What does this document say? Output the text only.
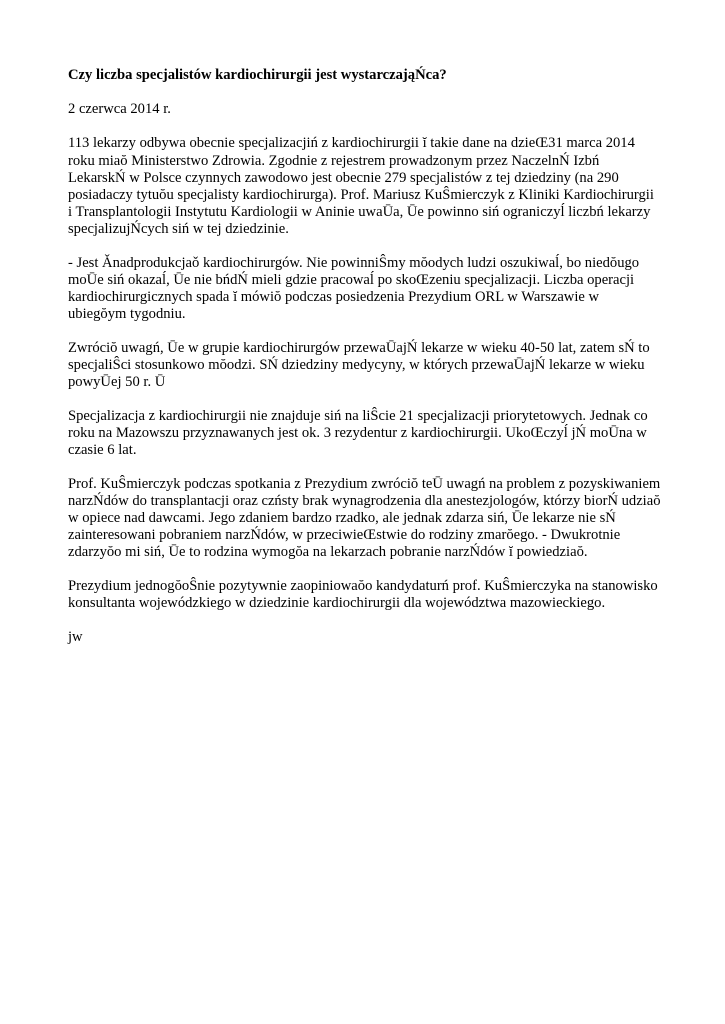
Czy liczba specjalistów kardiochirurgii jest wystarczająŃca?
2 czerwca 2014 r.
113 lekarzy odbywa obecnie specjalizacjiń z kardiochirurgii ĭ takie dane na dzieŒ31 marca 2014
roku miaŏ Ministerstwo Zdrowia. Zgodnie z rejestrem prowadzonym przez NaczelnŃ Izbń
LekarskŃ w Polsce czynnych zawodowo jest obecnie 279 specjalistów z tej dziedziny (na 290
posiadaczy tytuŏu specjalisty kardiochirurga). Prof. Mariusz KuŜmierczyk z Kliniki Kardiochirurgii
i Transplantologii Instytutu Kardiologii w Aninie uwaŪa, Ūe powinno siń ograniczyĺ liczbń lekarzy
specjalizujŃcych siń w tej dziedzinie.
- Jest Ǎnadprodukcjaǒ kardiochirurgów. Nie powinniŜmy mŏodych ludzi oszukiwaĺ, bo niedŏugo
moŪe siń okazaĺ, Ūe nie bńdŃ mieli gdzie pracowaĺ po skoŒzeniu specjalizacji. Liczba operacji
kardiochirurgicznych spada ĭ mówiŏ podczas posiedzenia Prezydium ORL w Warszawie w
ubiegŏym tygodniu.
Zwróciŏ uwagń, Ūe w grupie kardiochirurgów przewaŪajŃ lekarze w wieku 40-50 lat, zatem sŃ to
specjaliŜci stosunkowo mŏodzi. SŃ dziedziny medycyny, w których przewaŪajŃ lekarze w wieku
powyŪej 50 r. Ū
Specjalizacja z kardiochirurgii nie znajduje siń na liŜcie 21 specjalizacji priorytetowych. Jednak co
roku na Mazowszu przyznawanych jest ok. 3 rezydentur z kardiochirurgii. UkoŒczyĺ jŃ moŪna w
czasie 6 lat.
Prof. KuŜmierczyk podczas spotkania z Prezydium zwróciŏ teŪ uwagń na problem z pozyskiwaniem
narzŃdów do transplantacji oraz czństy brak wynagrodzenia dla anestezjologów, którzy biorŃ udziaŏ
w opiece nad dawcami. Jego zdaniem bardzo rzadko, ale jednak zdarza siń, Ūe lekarze nie sŃ
zainteresowani pobraniem narzŃdów, w przeciwieŒstwie do rodziny zmarŏego. - Dwukrotnie
zdarzyŏo mi siń, Ūe to rodzina wymogŏa na lekarzach pobranie narzŃdów ĭ powiedziaŏ.
Prezydium jednogŏoŜnie pozytywnie zaopiniowaŏo kandydaturń prof. KuŜmierczyka na stanowisko
konsultanta wojewódzkiego w dziedzinie kardiochirurgii dla województwa mazowieckiego.
jw
